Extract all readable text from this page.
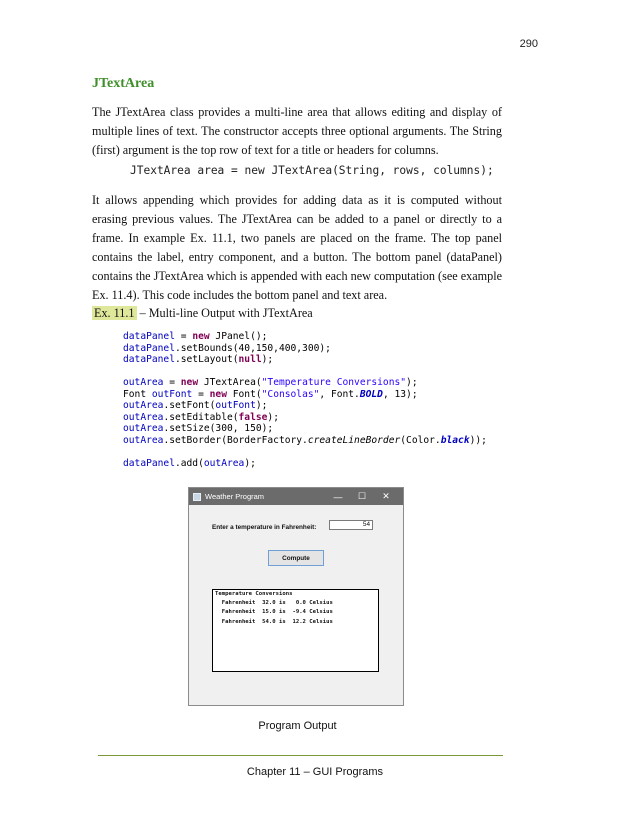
290
JTextArea

The JTextArea class provides a multi-line area that allows editing and display of multiple lines of text. The constructor accepts three optional arguments. The String (first) argument is the top row of text for a title or headers for columns.

JTextArea area = new JTextArea(String, rows, columns);

It allows appending which provides for adding data as it is computed without erasing previous values. The JTextArea can be added to a panel or directly to a frame. In example Ex. 11.1, two panels are placed on the frame. The top panel contains the label, entry component, and a button. The bottom panel (dataPanel) contains the JTextArea which is appended with each new computation (see example Ex. 11.4). This code includes the bottom panel and text area.

Ex. 11.1 – Multi-line Output with JTextArea
dataPanel = new JPanel();
dataPanel.setBounds(40,150,400,300);
dataPanel.setLayout(null);

outArea = new JTextArea("Temperature Conversions");
Font outFont = new Font("Consolas", Font.BOLD, 13);
outArea.setFont(outFont);
outArea.setEditable(false);
outArea.setSize(300, 150);
outArea.setBorder(BorderFactory.createLineBorder(Color.black));

dataPanel.add(outArea);
Weather Program	—	☐	✕
Enter a temperature in Fahrenheit:	54
Compute
Temperature Conversions
Fahrenheit  32.0 is   0.0 Celsius
Fahrenheit  15.0 is  -9.4 Celsius
Fahrenheit  54.0 is  12.2 Celsius
Program Output
Chapter 11 – GUI Programs
